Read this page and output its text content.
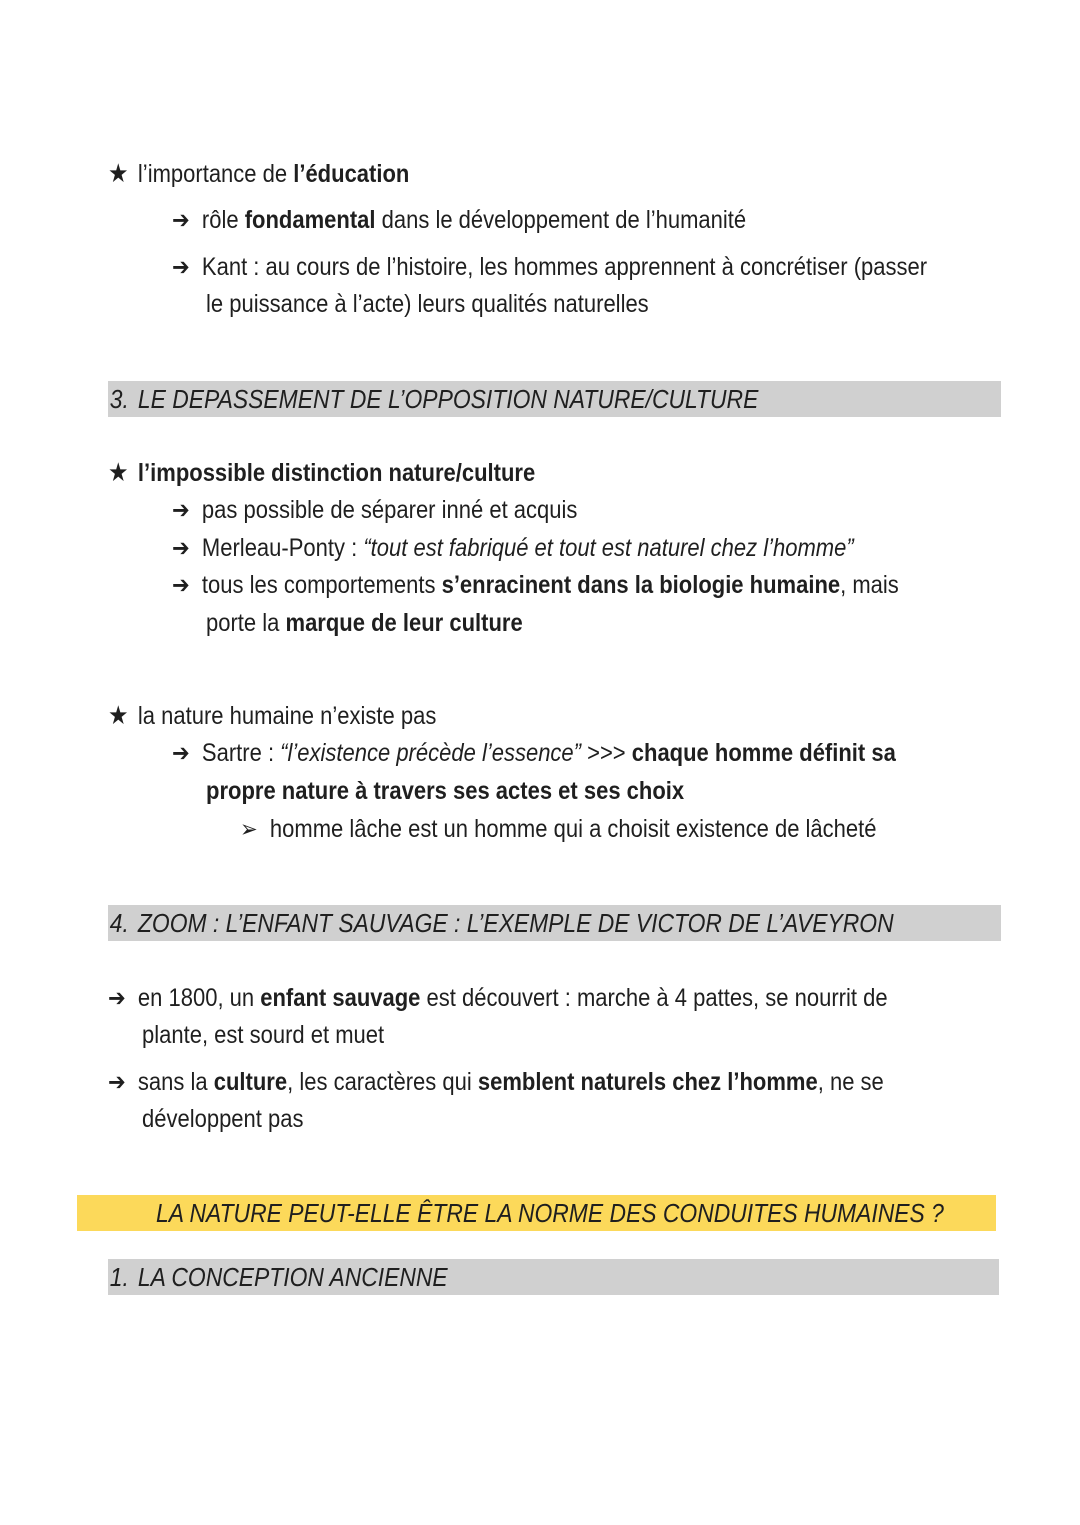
★ l’importance de l’éducation
➔ rôle fondamental dans le développement de l’humanité
➔ Kant : au cours de l’histoire, les hommes apprennent à concrétiser (passer
le puissance à l’acte) leurs qualités naturelles
3. LE DEPASSEMENT DE L’OPPOSITION NATURE/CULTURE
★ l’impossible distinction nature/culture
➔ pas possible de séparer inné et acquis
➔ Merleau-Ponty : “tout est fabriqué et tout est naturel chez l’homme”
➔ tous les comportements s’enracinent dans la biologie humaine, mais
porte la marque de leur culture
★ la nature humaine n’existe pas
➔ Sartre : “l’existence précède l’essence” >>> chaque homme définit sa
propre nature à travers ses actes et ses choix
➢ homme lâche est un homme qui a choisit existence de lâcheté
4. ZOOM : L’ENFANT SAUVAGE : L’EXEMPLE DE VICTOR DE L’AVEYRON
➔ en 1800, un enfant sauvage est découvert : marche à 4 pattes, se nourrit de
plante, est sourd et muet
➔ sans la culture, les caractères qui semblent naturels chez l’homme, ne se
développent pas
LA NATURE PEUT-ELLE ÊTRE LA NORME DES CONDUITES HUMAINES ?
1. LA CONCEPTION ANCIENNE
